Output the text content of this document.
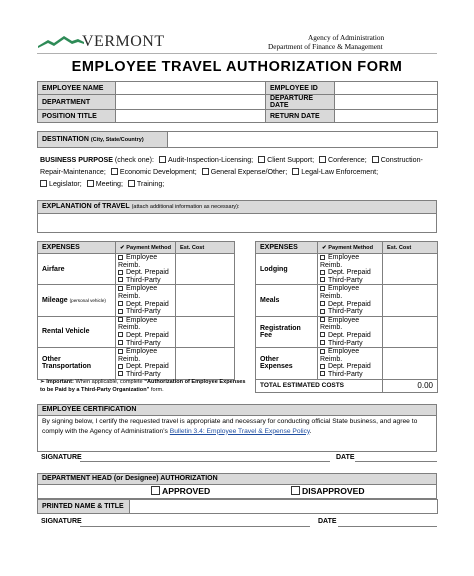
VERMONT	Agency of Administration
Department of Finance & Management
EMPLOYEE TRAVEL AUTHORIZATION FORM
EMPLOYEE NAME		EMPLOYEE ID	
DEPARTMENT		DEPARTURE DATE	
POSITION TITLE		RETURN DATE	
DESTINATION (City, State/Country)	
BUSINESS PURPOSE (check one): Audit-Inspection-Licensing; Client Support; Conference; Construction-
Repair-Maintenance; Economic Development; General Expense/Other; Legal-Law Enforcement;
Legislator; Meeting; Training;
EXPLANATION of TRAVEL (attach additional information as necessary):
EXPENSES	✔ Payment Method	Est. Cost
Airfare	Employee Reimb.
Dept. Prepaid
Third-Party	

Mileage (personal vehicle)	Employee Reimb.
Dept. Prepaid
Third-Party	

Rental Vehicle	Employee Reimb.
Dept. Prepaid
Third-Party	

Other Transportation	Employee Reimb.
Dept. Prepaid
Third-Party	

EXPENSES	✔ Payment Method	Est. Cost
Lodging	Employee Reimb.
Dept. Prepaid
Third-Party	

Meals	Employee Reimb.
Dept. Prepaid
Third-Party	

Registration Fee	Employee Reimb.
Dept. Prepaid
Third-Party	

Other Expenses	Employee Reimb.
Dept. Prepaid
Third-Party	

TOTAL ESTIMATED COSTS		0.00
➢ Important: When applicable, complete “Authorization of Employee Expenses to be Paid by a Third-Party Organization” form.
EMPLOYEE CERTIFICATION
By signing below, I certify the requested travel is appropriate and necessary for conducting official State business, and agree to comply with the Agency of Administration’s Bulletin 3.4: Employee Travel & Expense Policy.
SIGNATURE	DATE
DEPARTMENT HEAD (or Designee) AUTHORIZATION
APPROVED	DISAPPROVED
PRINTED NAME & TITLE	
SIGNATURE	DATE
